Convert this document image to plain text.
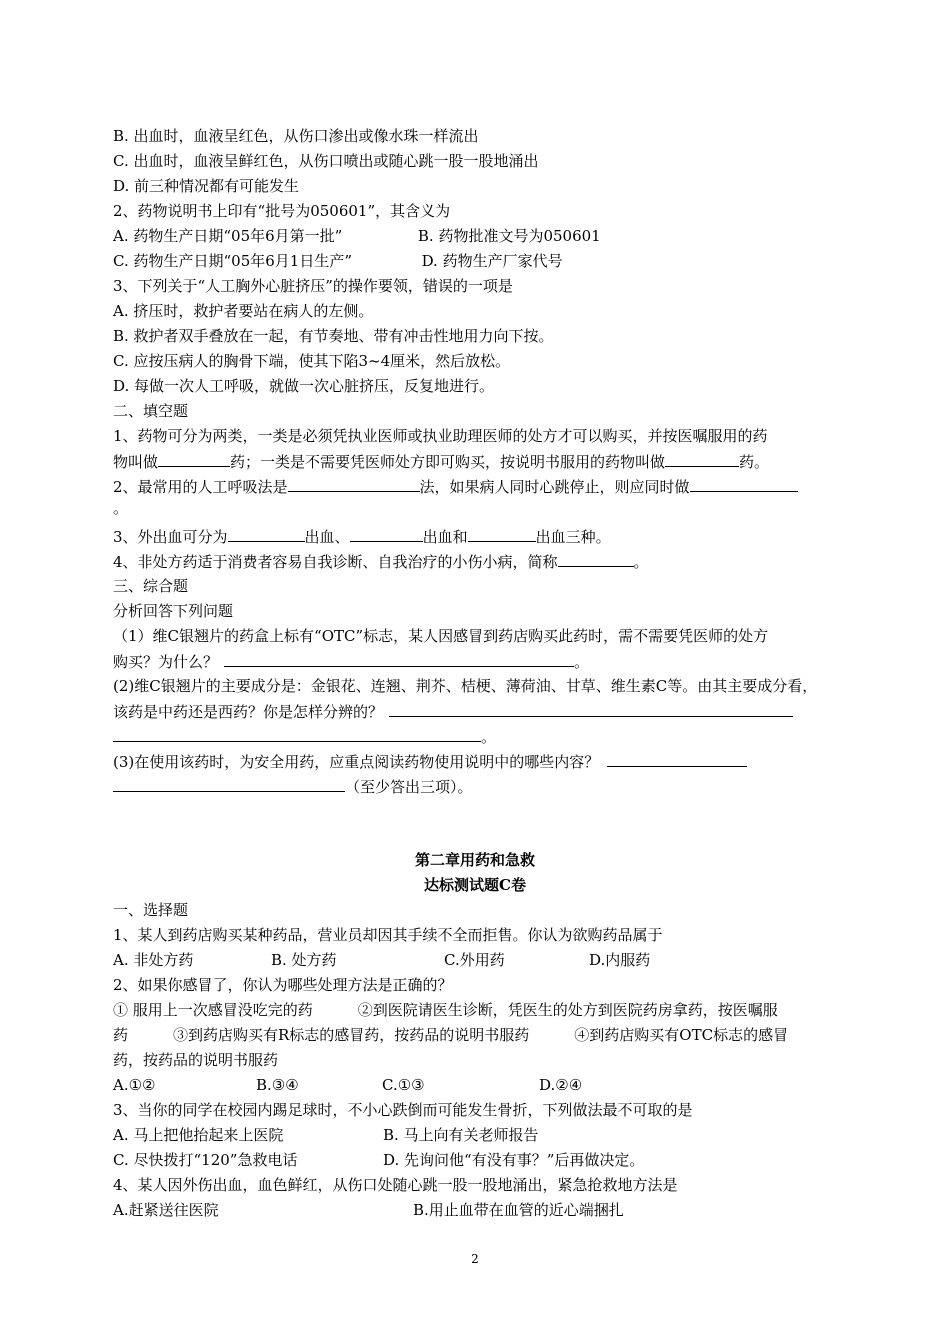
B. 出血时，血液呈红色，从伤口渗出或像水珠一样流出
C. 出血时，血液呈鲜红色，从伤口喷出或随心跳一股一股地涌出
D. 前三种情况都有可能发生
2、药物说明书上印有“批号为050601”，其含义为
A. 药物生产日期“05年6月第一批”	B. 药物批准文号为050601
C. 药物生产日期“05年6月1日生产”	D. 药物生产厂家代号
3、下列关于“人工胸外心脏挤压”的操作要领，错误的一项是
A. 挤压时，救护者要站在病人的左侧。
B. 救护者双手叠放在一起，有节奏地、带有冲击性地用力向下按。
C. 应按压病人的胸骨下端，使其下陷3~4厘米，然后放松。
D. 每做一次人工呼吸，就做一次心脏挤压，反复地进行。
二、填空题
1、药物可分为两类，一类是必须凭执业医师或执业助理医师的处方才可以购买，并按医嘱服用的药
物叫做	药；一类是不需要凭医师处方即可购买，按说明书服用的药物叫做	药。
2、最常用的人工呼吸法是	法，如果病人同时心跳停止，则应同时做
。
3、外出血可分为	出血、	出血和	出血三种。
4、非处方药适于消费者容易自我诊断、自我治疗的小伤小病，简称	。
三、综合题
分析回答下列问题
（1）维C银翘片的药盒上标有“OTC”标志，某人因感冒到药店购买此药时，需不需要凭医师的处方
购买？为什么？	。
(2)维C银翘片的主要成分是：金银花、连翘、荆芥、桔梗、薄荷油、甘草、维生素C等。由其主要成分看，
该药是中药还是西药？你是怎样分辨的？
。
(3)在使用该药时，为安全用药，应重点阅读药物使用说明中的哪些内容？
（至少答出三项）。
第二章用药和急救
达标测试题C卷
一、选择题
1、某人到药店购买某种药品，营业员却因其手续不全而拒售。你认为欲购药品属于
A. 非处方药	B. 处方药	C.外用药	D.内服药
2、如果你感冒了，你认为哪些处理方法是正确的？
① 服用上一次感冒没吃完的药　　　②到医院请医生诊断，凭医生的处方到医院药房拿药，按医嘱服
药　　　③到药店购买有R标志的感冒药，按药品的说明书服药　　　④到药店购买有OTC标志的感冒
药，按药品的说明书服药
A.①②	B.③④	C.①③	D.②④
3、当你的同学在校园内踢足球时，不小心跌倒而可能发生骨折，下列做法最不可取的是
A. 马上把他抬起来上医院	B. 马上向有关老师报告
C. 尽快拨打“120”急救电话	D. 先询问他“有没有事？”后再做决定。
4、某人因外伤出血，血色鲜红，从伤口处随心跳一股一股地涌出，紧急抢救地方法是
A.赶紧送往医院	B.用止血带在血管的近心端捆扎
2
